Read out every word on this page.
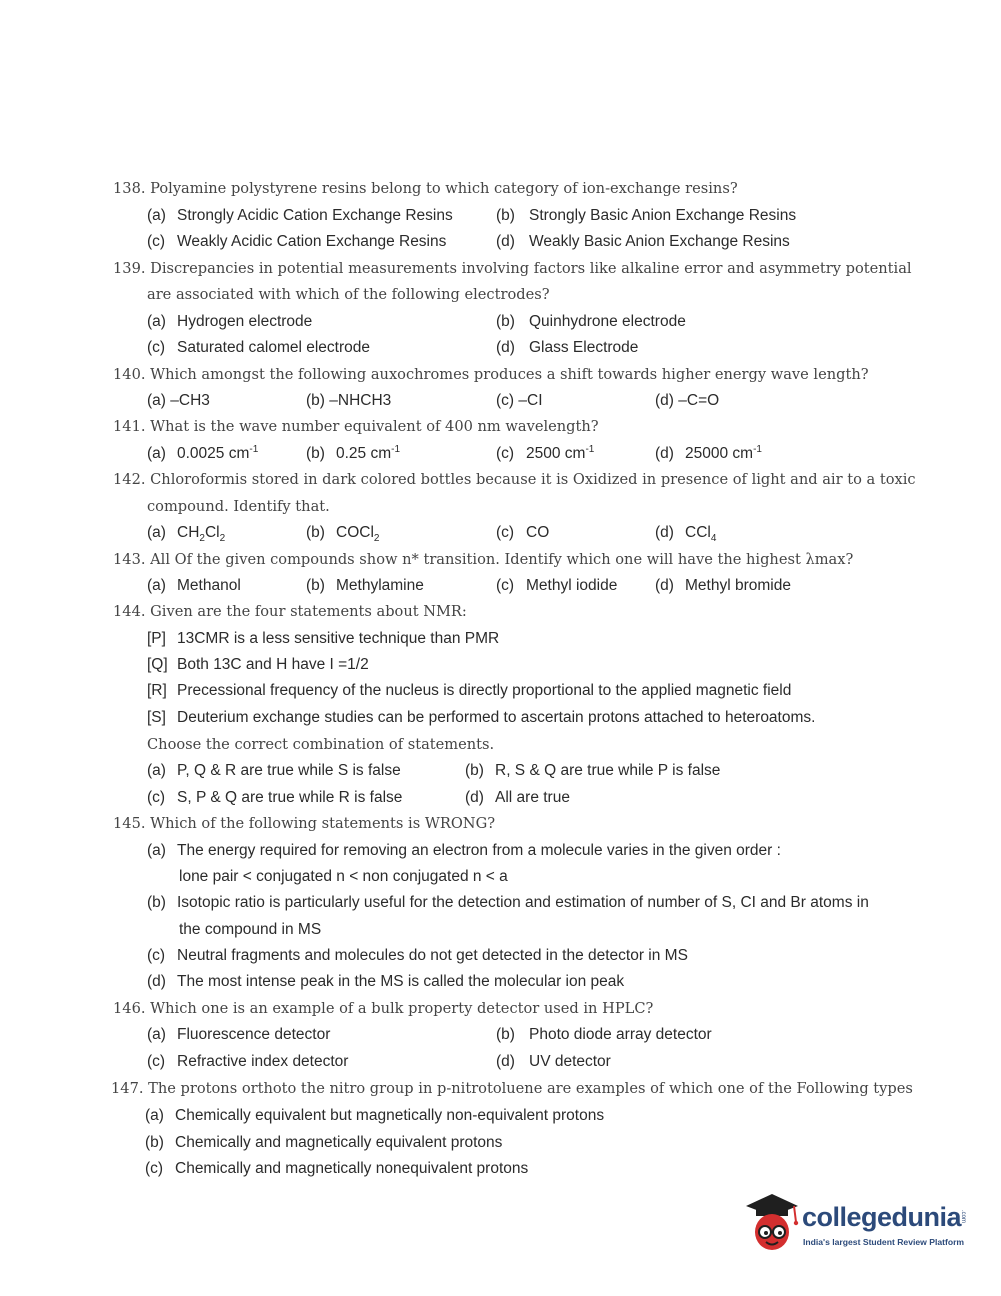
138. Polyamine polystyrene resins belong to which category of ion-exchange resins?
(a) Strongly Acidic Cation Exchange Resins	(b) Strongly Basic Anion Exchange Resins
(c) Weakly Acidic Cation Exchange Resins	(d) Weakly Basic Anion Exchange Resins
139. Discrepancies in potential measurements involving factors like alkaline error and asymmetry potential
are associated with which of the following electrodes?
(a) Hydrogen electrode	(b) Quinhydrone electrode
(c) Saturated calomel electrode	(d) Glass Electrode
140. Which amongst the following auxochromes produces a shift towards higher energy wave length?
(a) –CH3	(b) –NHCH3	(c) –CI	(d) –C=O
141. What is the wave number equivalent of 400 nm wavelength?
(a) 0.0025 $cm^{-1}$	(b) 0.25 $cm^{-1}$	(c) 2500 $cm^{-1}$	(d) 25000 $cm^{-1}$
142. Chloroformis stored in dark colored bottles because it is Oxidized in presence of light and air to a toxic
compound. Identify that.
(a) $CH_2Cl_2$	(b) COCl$_2$	(c) CO	(d) CCl$_4$
143. All Of the given compounds show n* transition. Identify which one will have the highest λmax?
(a) Methanol	(b) Methylamine	(c) Methyl iodide (d) Methyl bromide
144. Given are the four statements about NMR:
[P] 13CMR is a less sensitive technique than PMR
[Q] Both 13C and H have I =1/2
[R] Precessional frequency of the nucleus is directly proportional to the applied magnetic field
[S] Deuterium exchange studies can be performed to ascertain protons attached to heteroatoms.
Choose the correct combination of statements.
(a) P, Q & R are true while S is false	(b) R, S & Q are true while P is false
(c) S, P & Q are true while R is false	(d) All are true
145. Which of the following statements is WRONG?
(a) The energy required for removing an electron from a molecule varies in the given order :
lone pair < conjugated n < non conjugated n < a
(b) Isotopic ratio is particularly useful for the detection and estimation of number of S, CI and Br atoms in
the compound in MS
(c) Neutral fragments and molecules do not get detected in the detector in MS
(d) The most intense peak in the MS is called the molecular ion peak
146. Which one is an example of a bulk property detector used in HPLC?
(a) Fluorescence detector	(b) Photo diode array detector
(c) Refractive index detector	(d) UV detector
147. The protons orthoto the nitro group in p-nitrotoluene are examples of which one of the Following types
(a) Chemically equivalent but magnetically non-equivalent protons
(b) Chemically and magnetically equivalent protons
(c) Chemically and magnetically nonequivalent protons
collegedunia
.com
India's largest Student Review Platform
